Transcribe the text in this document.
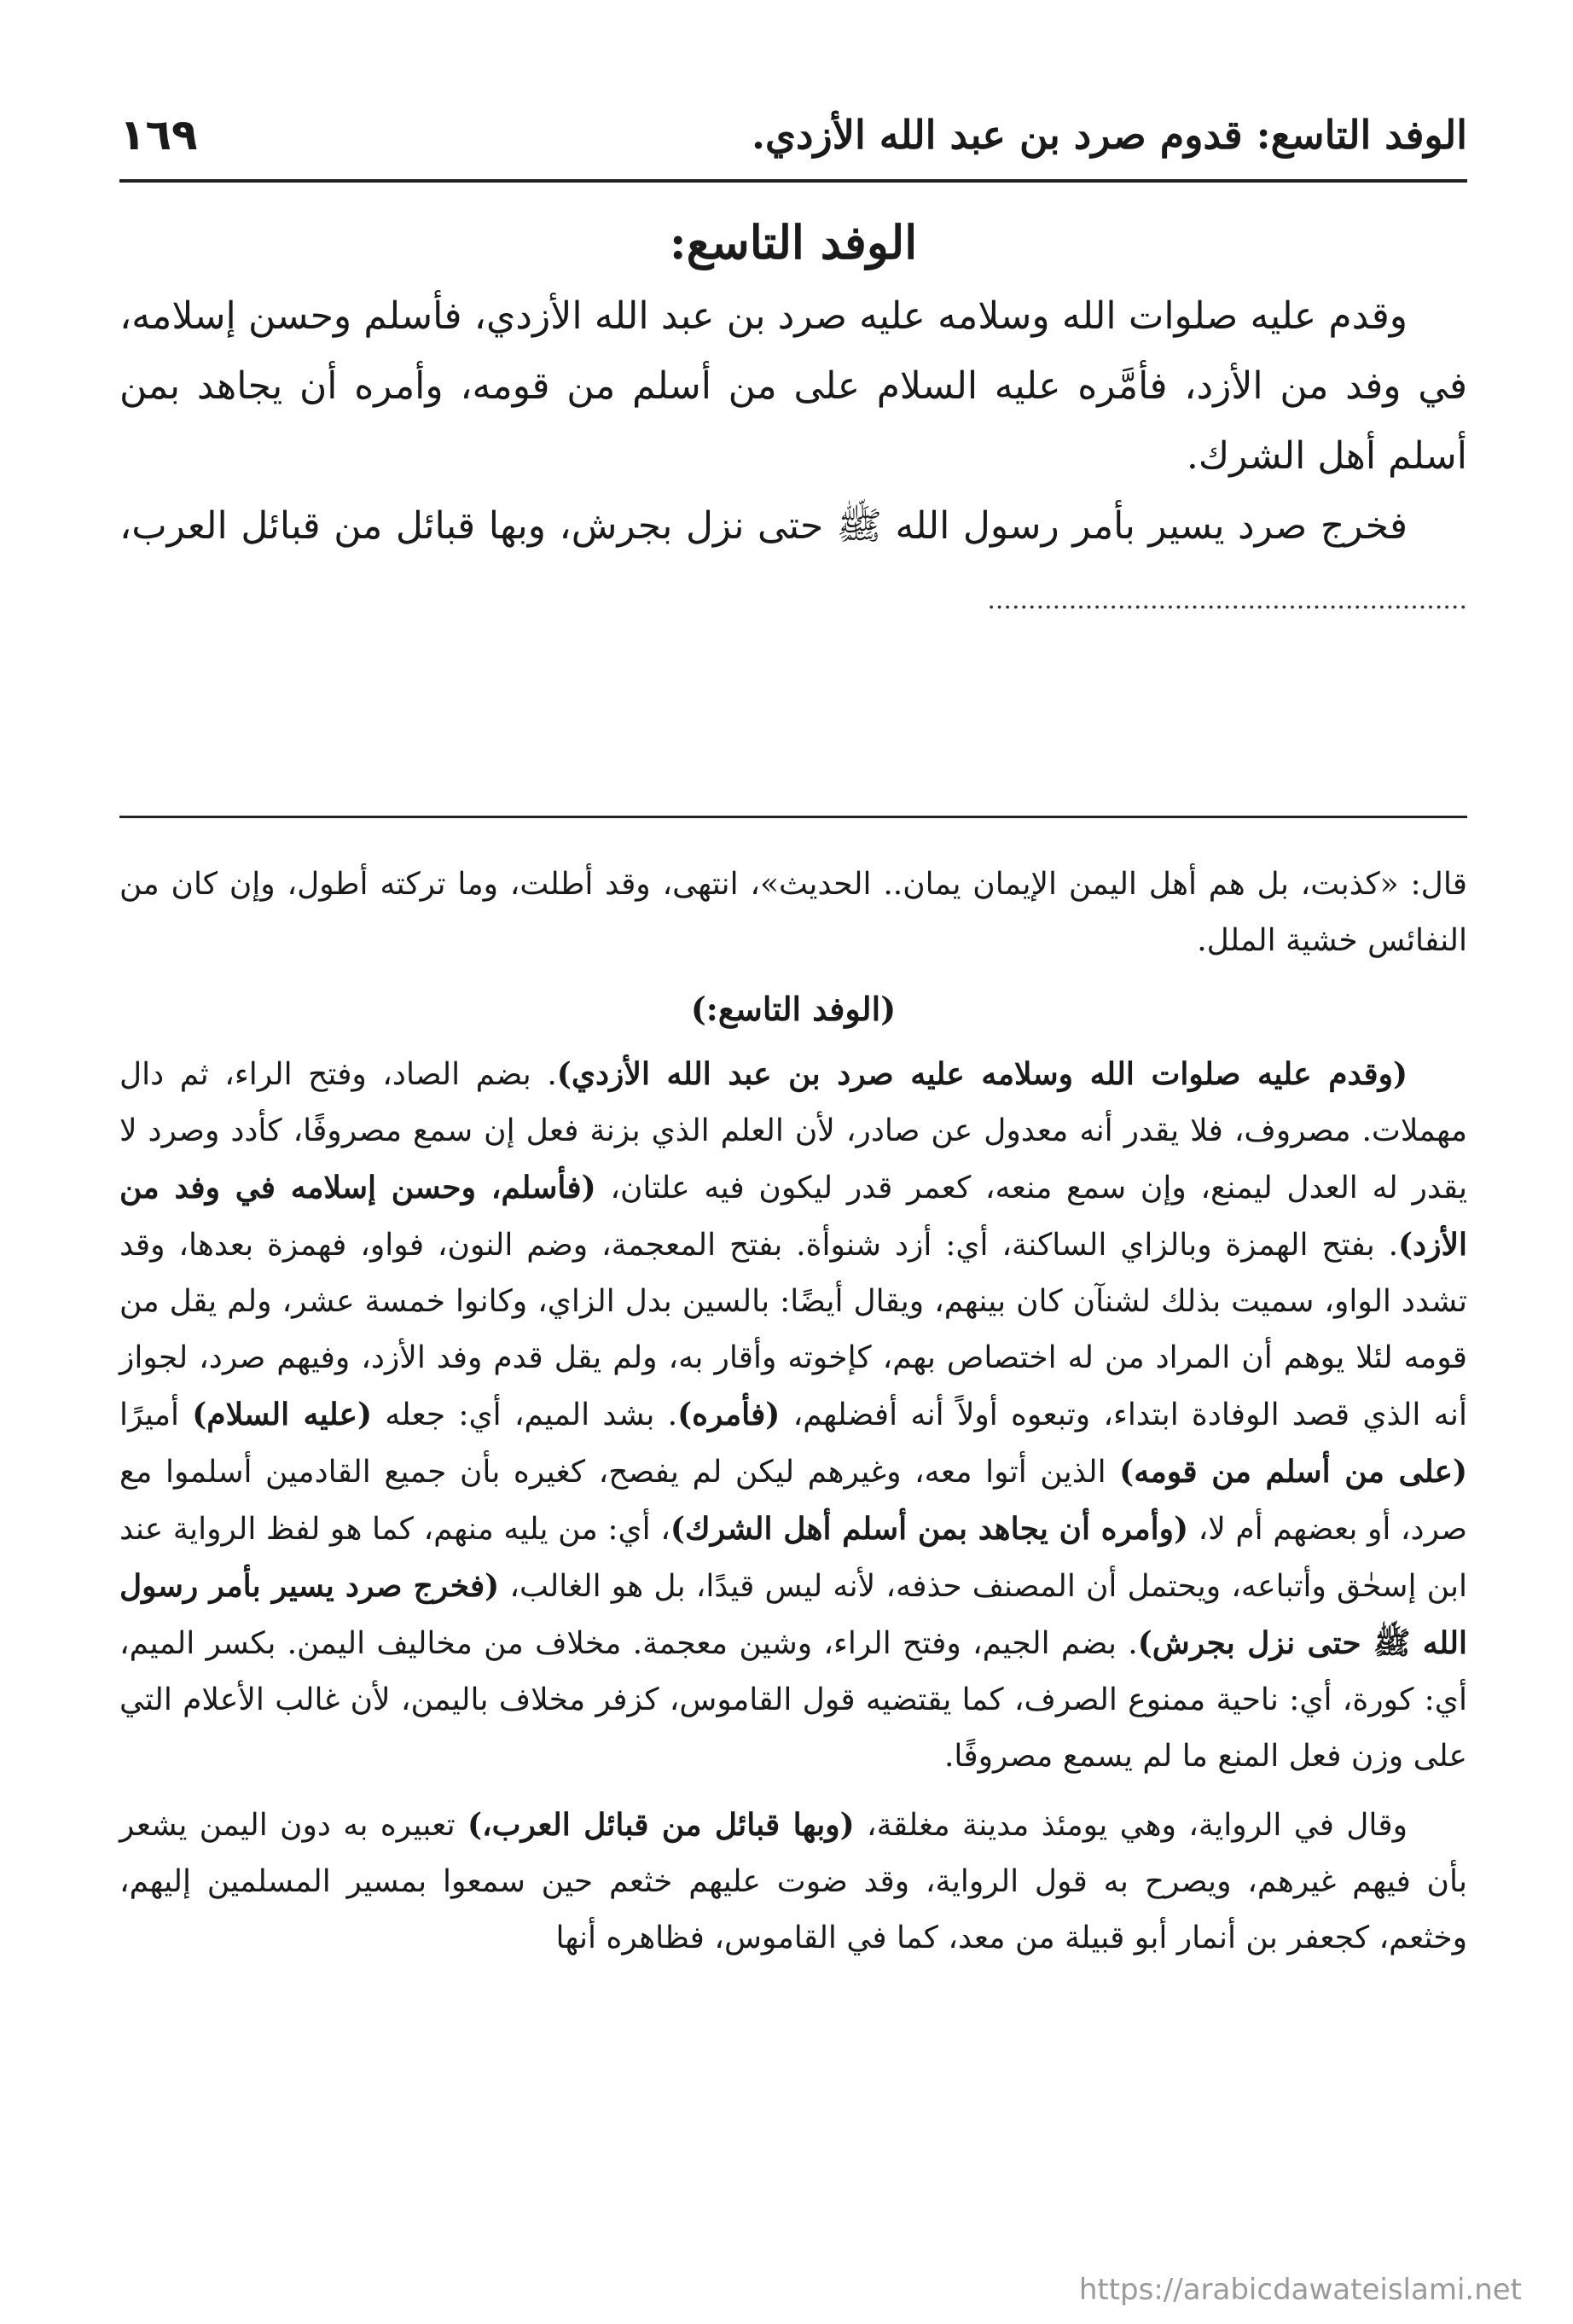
الوفد التاسع: قدوم صرد بن عبد الله الأزدي.
١٦٩
الوفد التاسع:

وقدم عليه صلوات الله وسلامه عليه صرد بن عبد الله الأزدي، فأسلم وحسن إسلامه، في وفد من الأزد، فأمَّره عليه السلام على من أسلم من قومه، وأمره أن يجاهد بمن أسلم أهل الشرك.

فخرج صرد يسير بأمر رسول الله ﷺ حتى نزل بجرش، وبها قبائل من قبائل العرب، ...........................................................

قال: «كذبت، بل هم أهل اليمن الإيمان يمان.. الحديث»، انتهى، وقد أطلت، وما تركته أطول، وإن كان من النفائس خشية الملل.

(الوفد التاسع:)

(وقدم عليه صلوات الله وسلامه عليه صرد بن عبد الله الأزدي). بضم الصاد، وفتح الراء، ثم دال مهملات. مصروف، فلا يقدر أنه معدول عن صادر، لأن العلم الذي بزنة فعل إن سمع مصروفًا، كأدد وصرد لا يقدر له العدل ليمنع، وإن سمع منعه، كعمر قدر ليكون فيه علتان، (فأسلم، وحسن إسلامه في وفد من الأزد). بفتح الهمزة وبالزاي الساكنة، أي: أزد شنوأة. بفتح المعجمة، وضم النون، فواو، فهمزة بعدها، وقد تشدد الواو، سميت بذلك لشنآن كان بينهم، ويقال أيضًا: بالسين بدل الزاي، وكانوا خمسة عشر، ولم يقل من قومه لئلا يوهم أن المراد من له اختصاص بهم، كإخوته وأقار به، ولم يقل قدم وفد الأزد، وفيهم صرد، لجواز أنه الذي قصد الوفادة ابتداء، وتبعوه أولاً أنه أفضلهم، (فأمره). بشد الميم، أي: جعله (عليه السلام) أميرًا (على من أسلم من قومه) الذين أتوا معه، وغيرهم ليكن لم يفصح، كغيره بأن جميع القادمين أسلموا مع صرد، أو بعضهم أم لا، (وأمره أن يجاهد بمن أسلم أهل الشرك)، أي: من يليه منهم، كما هو لفظ الرواية عند ابن إسحٰق وأتباعه، ويحتمل أن المصنف حذفه، لأنه ليس قيدًا، بل هو الغالب، (فخرج صرد يسير بأمر رسول الله ﷺ حتى نزل بجرش). بضم الجيم، وفتح الراء، وشين معجمة. مخلاف من مخاليف اليمن. بكسر الميم، أي: كورة، أي: ناحية ممنوع الصرف، كما يقتضيه قول القاموس، كزفر مخلاف باليمن، لأن غالب الأعلام التي على وزن فعل المنع ما لم يسمع مصروفًا.

وقال في الرواية، وهي يومئذ مدينة مغلقة، (وبها قبائل من قبائل العرب،) تعبيره به دون اليمن يشعر بأن فيهم غيرهم، ويصرح به قول الرواية، وقد ضوت عليهم خثعم حين سمعوا بمسير المسلمين إليهم، وخثعم، كجعفر بن أنمار أبو قبيلة من معد، كما في القاموس، فظاهره أنها

https://arabicdawateislami.net
